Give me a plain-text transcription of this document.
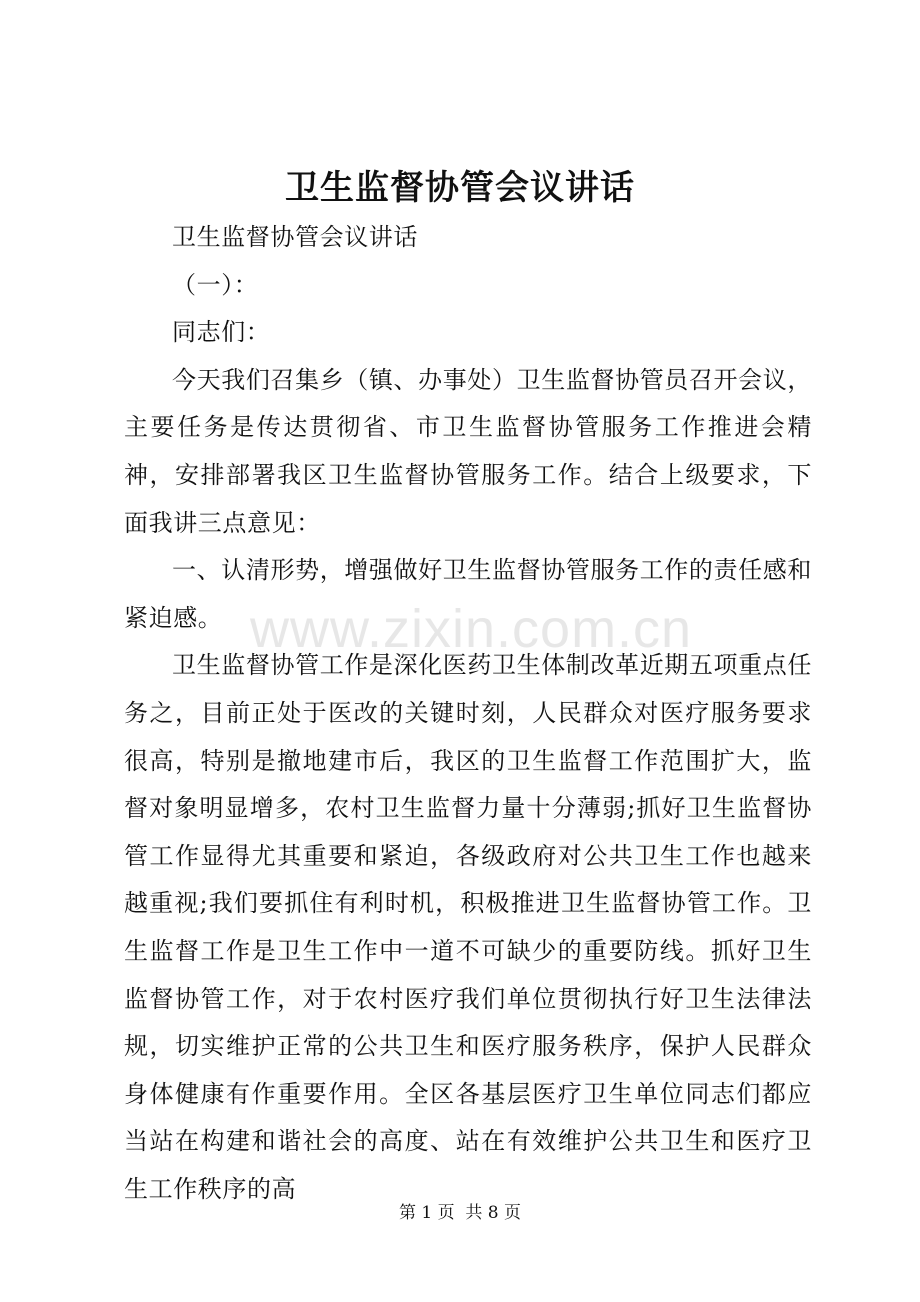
卫生监督协管会议讲话

卫生监督协管会议讲话

（一）：

同志们：

今天我们召集乡（镇、办事处）卫生监督协管员召开会议，主要任务是传达贯彻省、市卫生监督协管服务工作推进会精神，安排部署我区卫生监督协管服务工作。结合上级要求，下面我讲三点意见：

一、认清形势，增强做好卫生监督协管服务工作的责任感和紧迫感。

卫生监督协管工作是深化医药卫生体制改革近期五项重点任务之，目前正处于医改的关键时刻，人民群众对医疗服务要求很高，特别是撤地建市后，我区的卫生监督工作范围扩大，监督对象明显增多，农村卫生监督力量十分薄弱;抓好卫生监督协管工作显得尤其重要和紧迫，各级政府对公共卫生工作也越来越重视;我们要抓住有利时机，积极推进卫生监督协管工作。卫生监督工作是卫生工作中一道不可缺少的重要防线。抓好卫生监督协管工作，对于农村医疗我们单位贯彻执行好卫生法律法规，切实维护正常的公共卫生和医疗服务秩序，保护人民群众身体健康有作重要作用。全区各基层医疗卫生单位同志们都应当站在构建和谐社会的高度、站在有效维护公共卫生和医疗卫生工作秩序的高

www.zixin.com.cn
第 1 页  共 8 页
